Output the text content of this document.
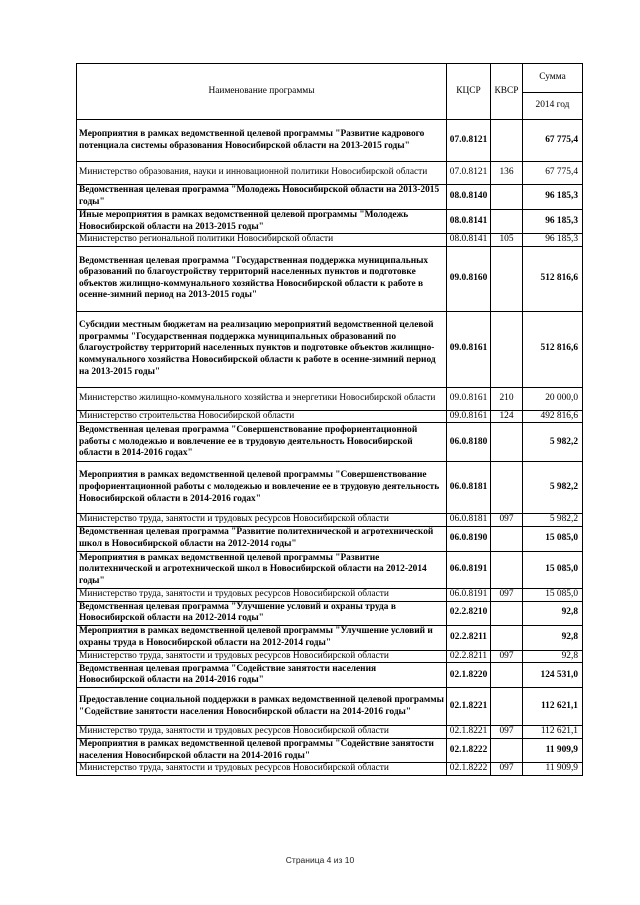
Наименование программы	КЦСР	КВСР	Сумма
			2014 год
Мероприятия в рамках ведомственной целевой программы "Развитие кадрового потенциала системы образования Новосибирской области на 2013-2015 годы"	07.0.8121		67 775,4
Министерство образования, науки и инновационной политики Новосибирской области	07.0.8121	136	67 775,4
Ведомственная целевая программа "Молодежь Новосибирской области на 2013-2015 годы"	08.0.8140		96 185,3
Иные мероприятия в рамках ведомственной целевой программы "Молодежь Новосибирской области на 2013-2015 годы"	08.0.8141		96 185,3
Министерство региональной политики Новосибирской области	08.0.8141	105	96 185,3
Ведомственная целевая программа "Государственная поддержка муниципальных образований по благоустройству территорий населенных пунктов и подготовке объектов жилищно-коммунального хозяйства Новосибирской области к работе в осенне-зимний период на 2013-2015 годы"	09.0.8160		512 816,6
Субсидии местным бюджетам на реализацию мероприятий ведомственной целевой программы "Государственная поддержка муниципальных образований по благоустройству территорий населенных пунктов и подготовке объектов жилищно-коммунального хозяйства Новосибирской области к работе в осенне-зимний период на 2013-2015 годы"	09.0.8161		512 816,6
Министерство жилищно-коммунального хозяйства и энергетики Новосибирской области	09.0.8161	210	20 000,0
Министерство строительства Новосибирской области	09.0.8161	124	492 816,6
Ведомственная целевая программа "Совершенствование профориентационной работы с молодежью и вовлечение ее в трудовую деятельность Новосибирской области в 2014-2016 годах"	06.0.8180		5 982,2
Мероприятия в рамках ведомственной целевой программы "Совершенствование профориентационной работы с молодежью и вовлечение ее в трудовую деятельность Новосибирской области в 2014-2016 годах"	06.0.8181		5 982,2
Министерство труда, занятости и трудовых ресурсов Новосибирской области	06.0.8181	097	5 982,2
Ведомственная целевая программа "Развитие политехнической и агротехнической школ в Новосибирской области на 2012-2014 годы"	06.0.8190		15 085,0
Мероприятия в рамках ведомственной целевой программы "Развитие политехнической и агротехнической школ в Новосибирской области на 2012-2014 годы"	06.0.8191		15 085,0
Министерство труда, занятости и трудовых ресурсов Новосибирской области	06.0.8191	097	15 085,0
Ведомственная целевая программа "Улучшение условий и охраны труда в Новосибирской области на 2012-2014 годы"	02.2.8210		92,8
Мероприятия в рамках ведомственной целевой программы "Улучшение условий и охраны труда в Новосибирской области на 2012-2014 годы"	02.2.8211		92,8
Министерство труда, занятости и трудовых ресурсов Новосибирской области	02.2.8211	097	92,8
Ведомственная целевая программа "Содействие занятости населения Новосибирской области на 2014-2016 годы"	02.1.8220		124 531,0
Предоставление социальной поддержки в рамках ведомственной целевой программы "Содействие занятости населения Новосибирской области на 2014-2016 годы"	02.1.8221		112 621,1
Министерство труда, занятости и трудовых ресурсов Новосибирской области	02.1.8221	097	112 621,1
Мероприятия в рамках ведомственной целевой программы "Содействие занятости населения Новосибирской области на 2014-2016 годы"	02.1.8222		11 909,9
Министерство труда, занятости и трудовых ресурсов Новосибирской области	02.1.8222	097	11 909,9
Страница 4 из 10
